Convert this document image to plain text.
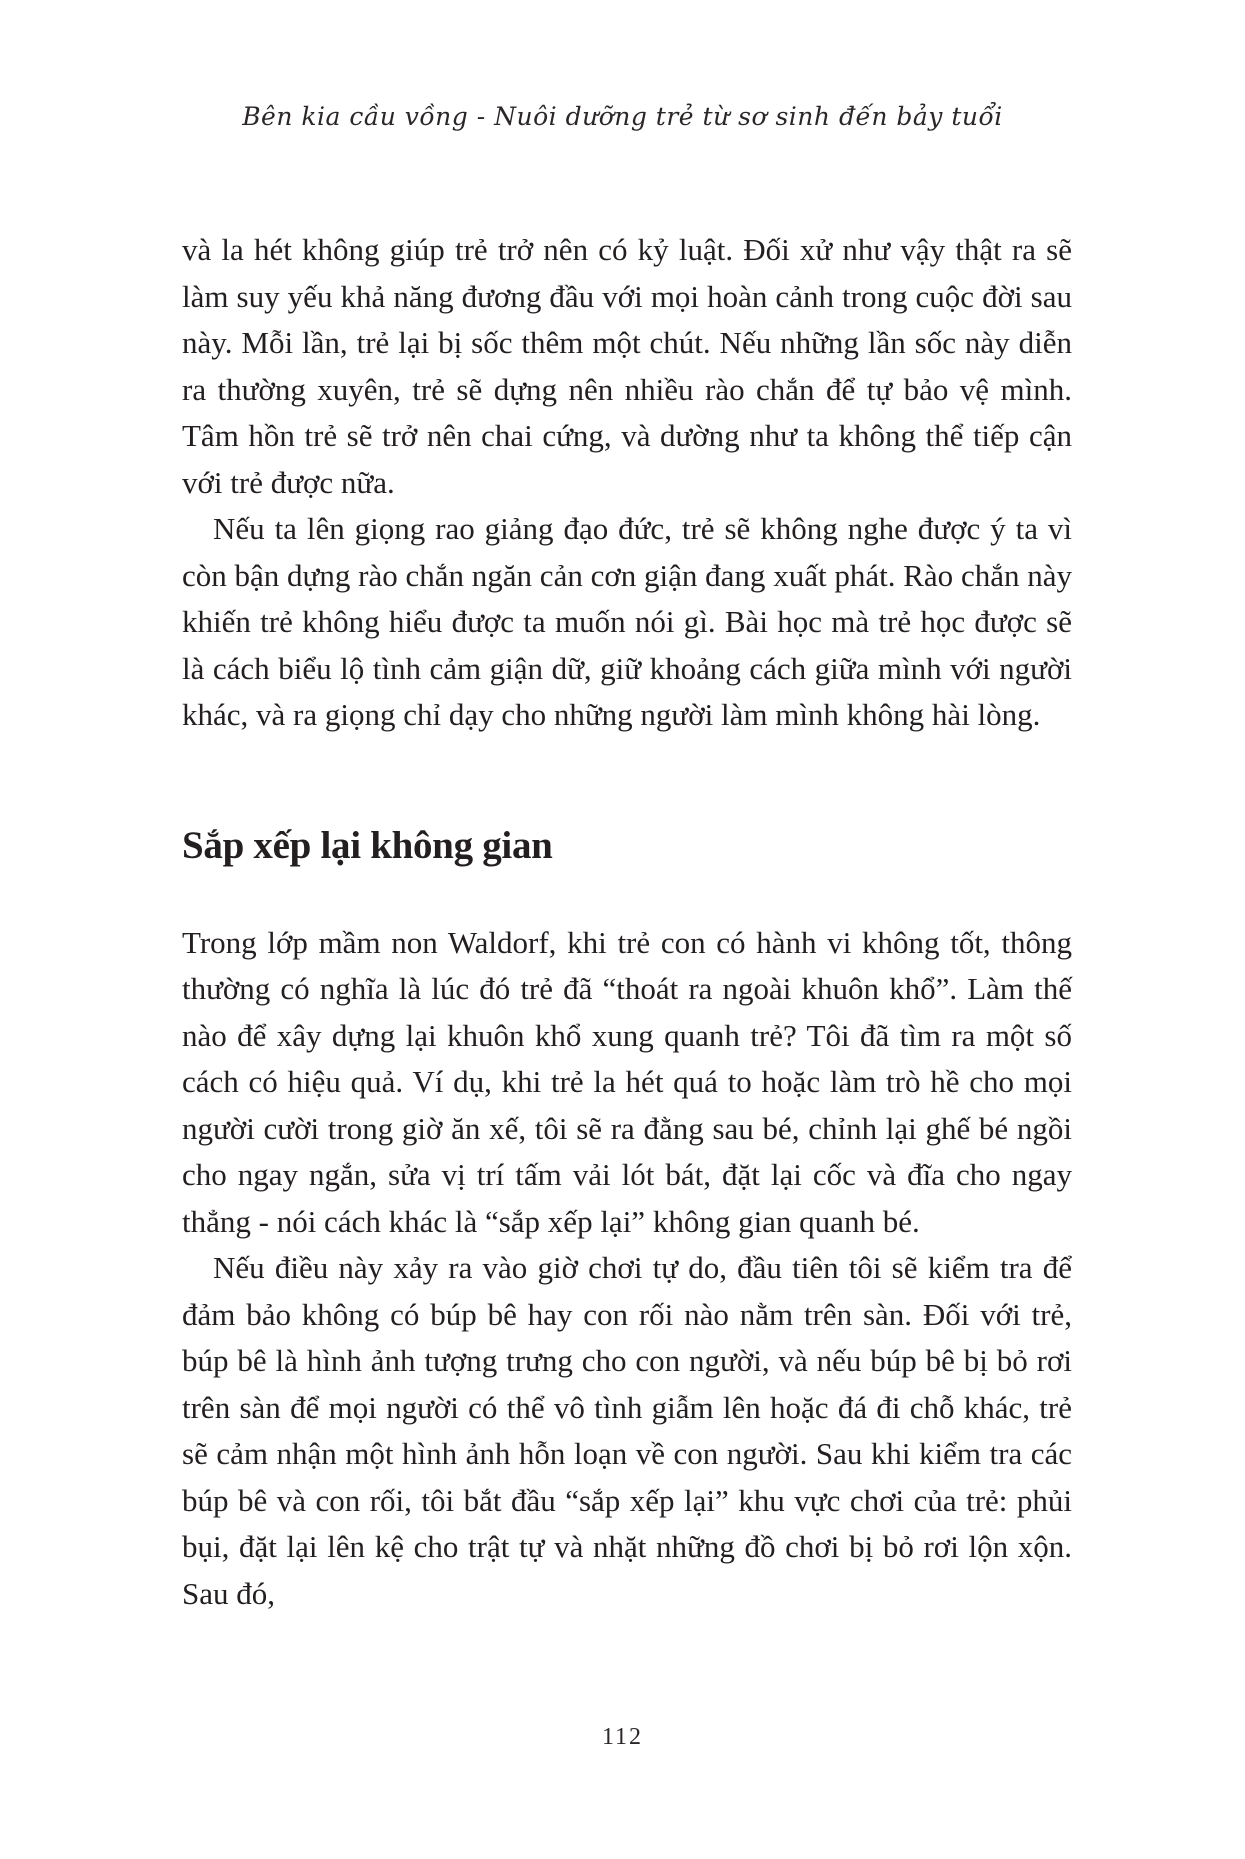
Bên kia cầu vồng - Nuôi dưỡng trẻ từ sơ sinh đến bảy tuổi

và la hét không giúp trẻ trở nên có kỷ luật. Đối xử như vậy thật ra sẽ làm suy yếu khả năng đương đầu với mọi hoàn cảnh trong cuộc đời sau này. Mỗi lần, trẻ lại bị sốc thêm một chút. Nếu những lần sốc này diễn ra thường xuyên, trẻ sẽ dựng nên nhiều rào chắn để tự bảo vệ mình. Tâm hồn trẻ sẽ trở nên chai cứng, và dường như ta không thể tiếp cận với trẻ được nữa.

Nếu ta lên giọng rao giảng đạo đức, trẻ sẽ không nghe được ý ta vì còn bận dựng rào chắn ngăn cản cơn giận đang xuất phát. Rào chắn này khiến trẻ không hiểu được ta muốn nói gì. Bài học mà trẻ học được sẽ là cách biểu lộ tình cảm giận dữ, giữ khoảng cách giữa mình với người khác, và ra giọng chỉ dạy cho những người làm mình không hài lòng.

Sắp xếp lại không gian

Trong lớp mầm non Waldorf, khi trẻ con có hành vi không tốt, thông thường có nghĩa là lúc đó trẻ đã “thoát ra ngoài khuôn khổ”. Làm thế nào để xây dựng lại khuôn khổ xung quanh trẻ? Tôi đã tìm ra một số cách có hiệu quả. Ví dụ, khi trẻ la hét quá to hoặc làm trò hề cho mọi người cười trong giờ ăn xế, tôi sẽ ra đằng sau bé, chỉnh lại ghế bé ngồi cho ngay ngắn, sửa vị trí tấm vải lót bát, đặt lại cốc và đĩa cho ngay thẳng - nói cách khác là “sắp xếp lại” không gian quanh bé.

Nếu điều này xảy ra vào giờ chơi tự do, đầu tiên tôi sẽ kiểm tra để đảm bảo không có búp bê hay con rối nào nằm trên sàn. Đối với trẻ, búp bê là hình ảnh tượng trưng cho con người, và nếu búp bê bị bỏ rơi trên sàn để mọi người có thể vô tình giẫm lên hoặc đá đi chỗ khác, trẻ sẽ cảm nhận một hình ảnh hỗn loạn về con người. Sau khi kiểm tra các búp bê và con rối, tôi bắt đầu “sắp xếp lại” khu vực chơi của trẻ: phủi bụi, đặt lại lên kệ cho trật tự và nhặt những đồ chơi bị bỏ rơi lộn xộn. Sau đó,

112
